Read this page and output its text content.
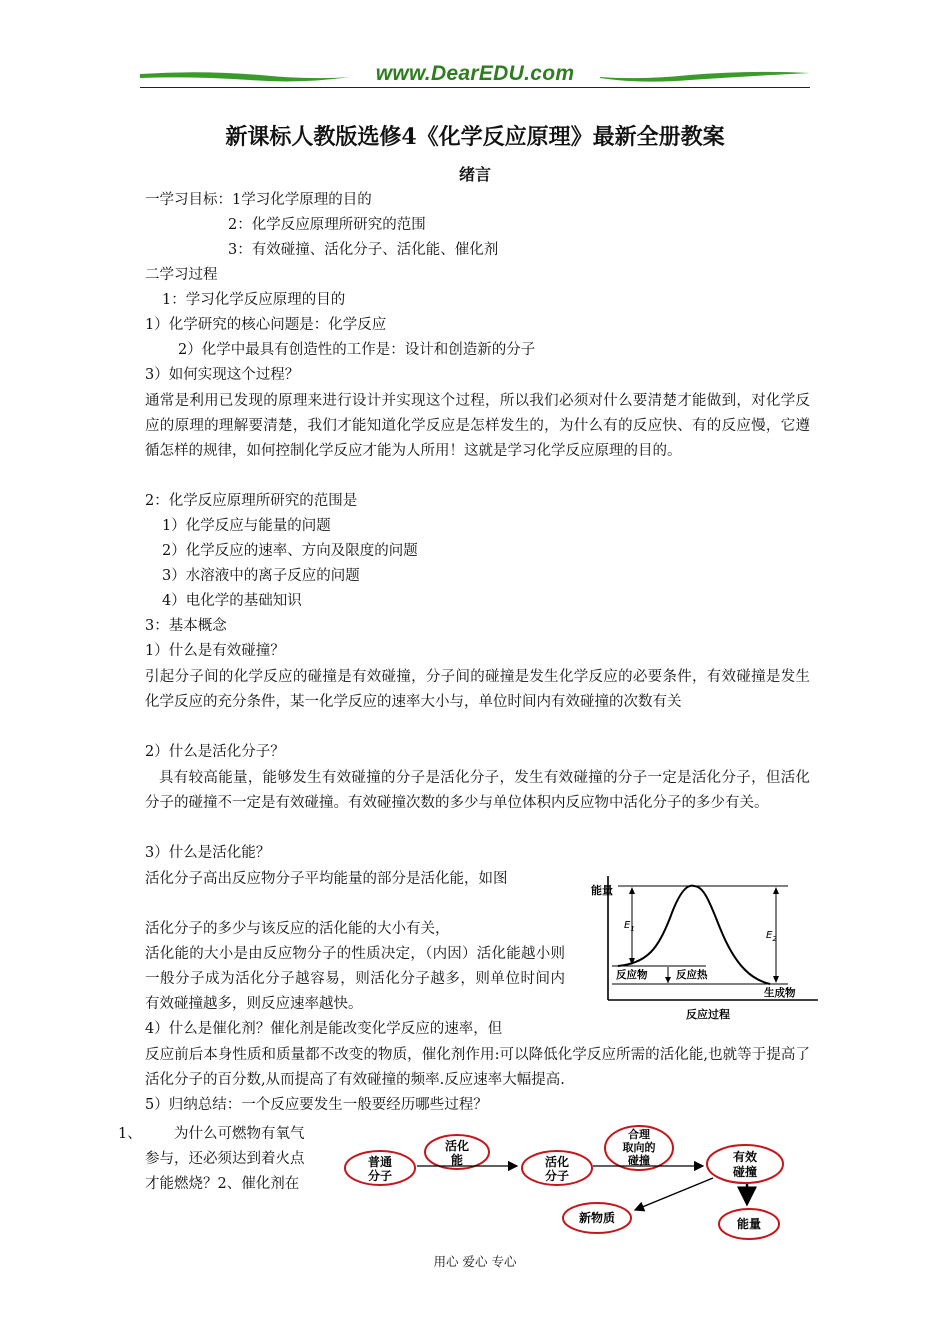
www.DearEDU.com
新课标人教版选修4《化学反应原理》最新全册教案
绪言
一学习目标：1学习化学原理的目的
2：化学反应原理所研究的范围
3：有效碰撞、活化分子、活化能、催化剂
二学习过程
1：学习化学反应原理的目的
1）化学研究的核心问题是：化学反应
2）化学中最具有创造性的工作是：设计和创造新的分子
3）如何实现这个过程？
通常是利用已发现的原理来进行设计并实现这个过程，所以我们必须对什么要清楚才能做到，对化学反应的原理的理解要清楚，我们才能知道化学反应是怎样发生的，为什么有的反应快、有的反应慢，它遵循怎样的规律，如何控制化学反应才能为人所用！这就是学习化学反应原理的目的。
2：化学反应原理所研究的范围是
1）化学反应与能量的问题
2）化学反应的速率、方向及限度的问题
3）水溶液中的离子反应的问题
4）电化学的基础知识
3：基本概念
1）什么是有效碰撞？
引起分子间的化学反应的碰撞是有效碰撞，分子间的碰撞是发生化学反应的必要条件，有效碰撞是发生化学反应的充分条件，某一化学反应的速率大小与，单位时间内有效碰撞的次数有关
2）什么是活化分子？
具有较高能量，能够发生有效碰撞的分子是活化分子，发生有效碰撞的分子一定是活化分子，但活化分子的碰撞不一定是有效碰撞。有效碰撞次数的多少与单位体积内反应物中活化分子的多少有关。
3）什么是活化能？
活化分子高出反应物分子平均能量的部分是活化能，如图
活化分子的多少与该反应的活化能的大小有关，
活化能的大小是由反应物分子的性质决定，（内因）活化能越小则一般分子成为活化分子越容易，则活化分子越多，则单位时间内有效碰撞越多，则反应速率越快。
4）什么是催化剂？催化剂是能改变化学反应的速率，但
反应前后本身性质和质量都不改变的物质，催化剂作用:可以降低化学反应所需的活化能,也就等于提高了活化分子的百分数,从而提高了有效碰撞的频率.反应速率大幅提高.
5）归纳总结：一个反应要发生一般要经历哪些过程？
1、 为什么可燃物有氧气
参与，还必须达到着火点
才能燃烧？2、催化剂在
能量
$E_1$
$E_2$
反应物	反应热
生成物
反应过程
普通
分子
活化
能	活化
分子
合理
取向的
碰撞	有效
碰撞
新物质	能量
用心 爱心 专心
